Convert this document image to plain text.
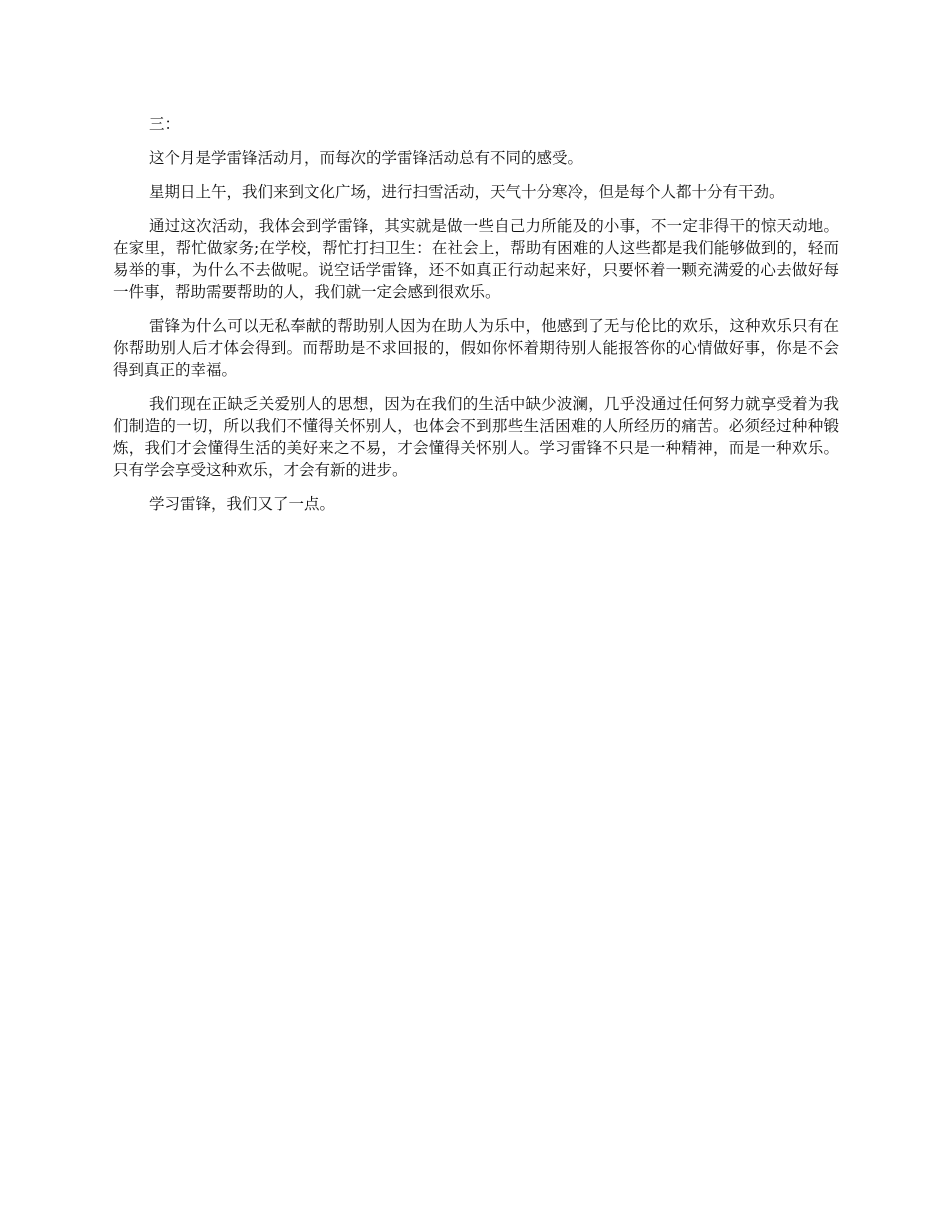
三：

这个月是学雷锋活动月，而每次的学雷锋活动总有不同的感受。

星期日上午，我们来到文化广场，进行扫雪活动，天气十分寒冷，但是每个人都十分有干劲。

通过这次活动，我体会到学雷锋，其实就是做一些自己力所能及的小事，不一定非得干的惊天动地。在家里，帮忙做家务;在学校，帮忙打扫卫生：在社会上，帮助有困难的人这些都是我们能够做到的，轻而易举的事，为什么不去做呢。说空话学雷锋，还不如真正行动起来好，只要怀着一颗充满爱的心去做好每一件事，帮助需要帮助的人，我们就一定会感到很欢乐。

雷锋为什么可以无私奉献的帮助别人因为在助人为乐中，他感到了无与伦比的欢乐，这种欢乐只有在你帮助别人后才体会得到。而帮助是不求回报的，假如你怀着期待别人能报答你的心情做好事，你是不会得到真正的幸福。

我们现在正缺乏关爱别人的思想，因为在我们的生活中缺少波澜，几乎没通过任何努力就享受着为我们制造的一切，所以我们不懂得关怀别人，也体会不到那些生活困难的人所经历的痛苦。必须经过种种锻炼，我们才会懂得生活的美好来之不易，才会懂得关怀别人。学习雷锋不只是一种精神，而是一种欢乐。只有学会享受这种欢乐，才会有新的进步。

学习雷锋，我们又了一点。
